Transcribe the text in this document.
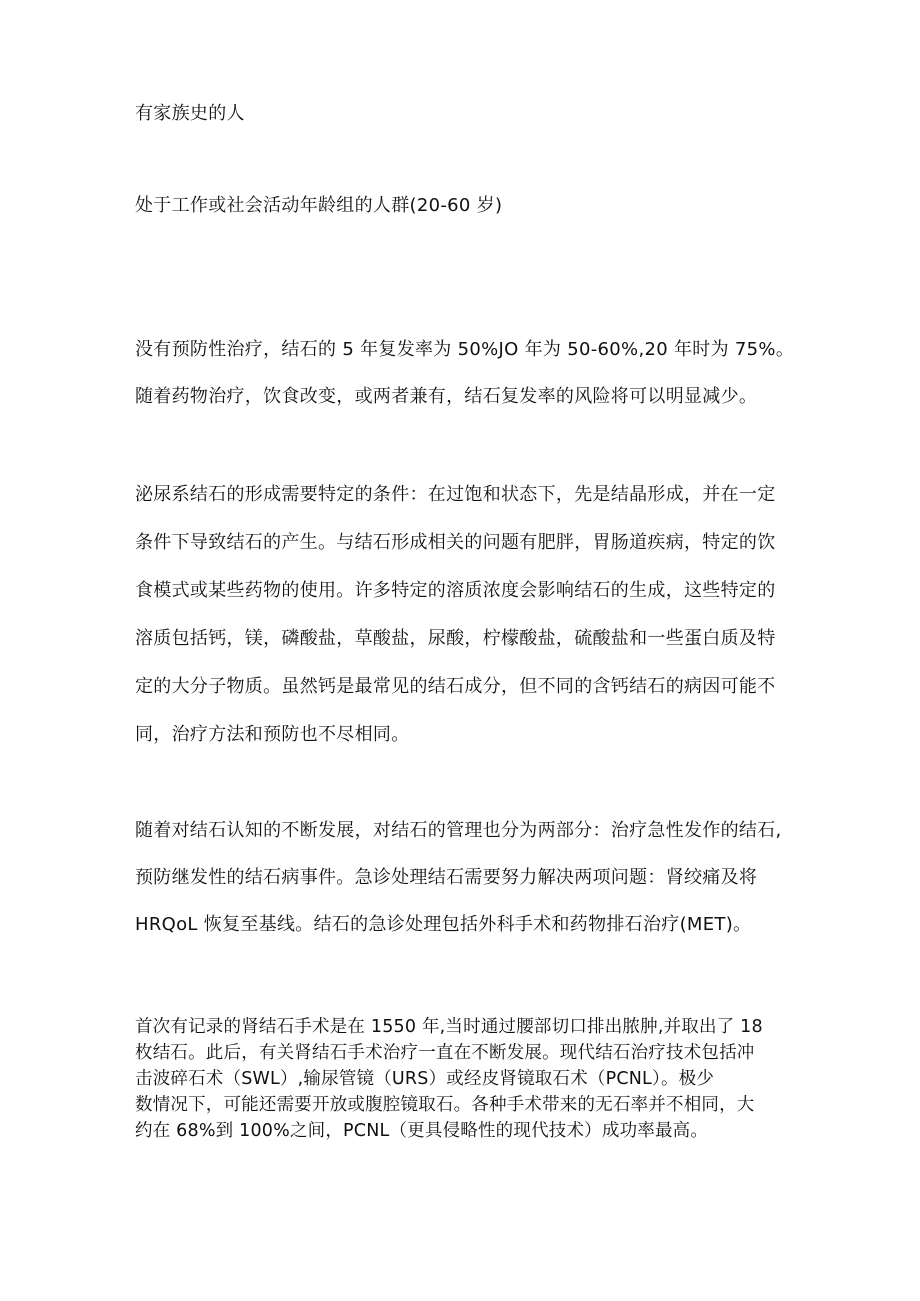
有家族史的人

处于工作或社会活动年龄组的人群(20-60 岁)

没有预防性治疗，结石的 5 年复发率为 50%JO 年为 50-60%,20 年时为 75%。

随着药物治疗，饮食改变，或两者兼有，结石复发率的风险将可以明显减少。

泌尿系结石的形成需要特定的条件：在过饱和状态下，先是结晶形成，并在一定

条件下导致结石的产生。与结石形成相关的问题有肥胖，胃肠道疾病，特定的饮

食模式或某些药物的使用。许多特定的溶质浓度会影响结石的生成，这些特定的

溶质包括钙，镁，磷酸盐，草酸盐，尿酸，柠檬酸盐，硫酸盐和一些蛋白质及特

定的大分子物质。虽然钙是最常见的结石成分，但不同的含钙结石的病因可能不

同，治疗方法和预防也不尽相同。

随着对结石认知的不断发展，对结石的管理也分为两部分：治疗急性发作的结石,

预防继发性的结石病事件。急诊处理结石需要努力解决两项问题：肾绞痛及将

HRQoL 恢复至基线。结石的急诊处理包括外科手术和药物排石治疗(MET)。

首次有记录的肾结石手术是在 1550 年,当时通过腰部切口排出脓肿,并取出了 18

枚结石。此后，有关肾结石手术治疗一直在不断发展。现代结石治疗技术包括冲

击波碎石术（SWL）,输尿管镜（URS）或经皮肾镜取石术（PCNL）。极少

数情况下，可能还需要开放或腹腔镜取石。各种手术带来的无石率并不相同，大

约在 68%到 100%之间，PCNL（更具侵略性的现代技术）成功率最高。
